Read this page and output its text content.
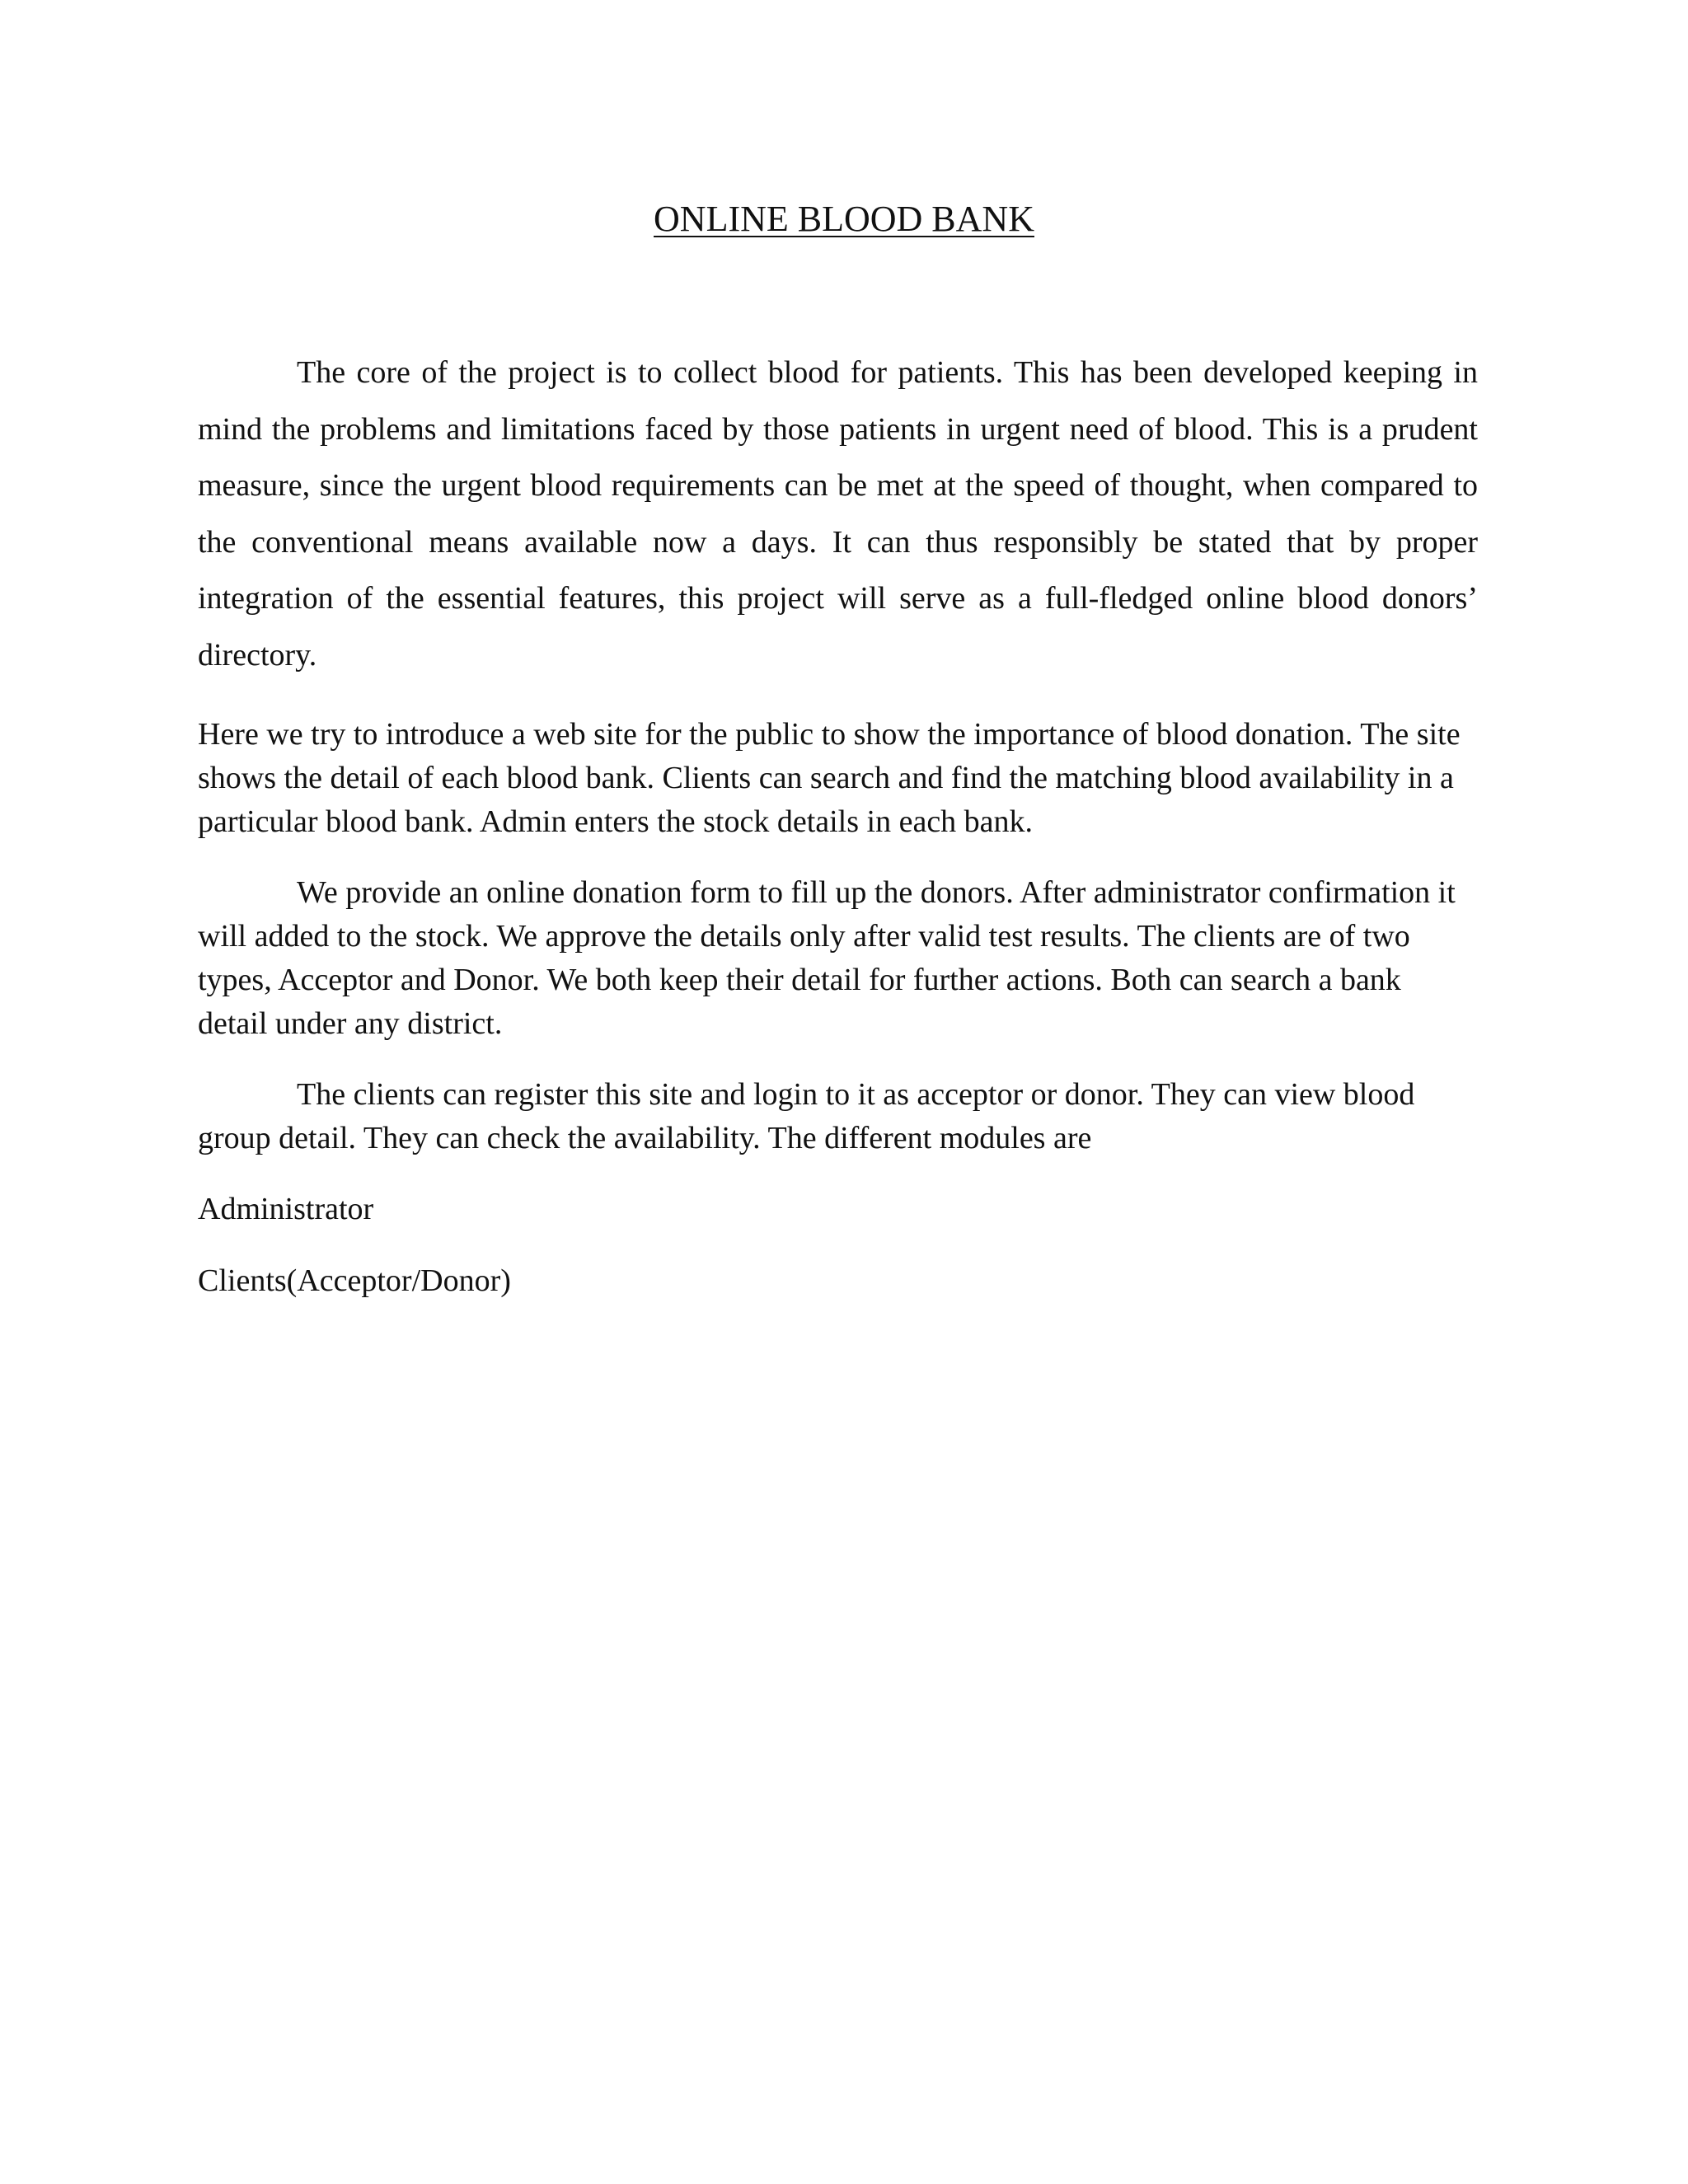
ONLINE BLOOD BANK

The core of the project is to collect blood for patients. This has been developed keeping in mind the problems and limitations faced by those patients in urgent need of blood. This is a prudent measure, since the urgent blood requirements can be met at the speed of thought, when compared to the conventional means available now a days. It can thus responsibly be stated that by proper integration of the essential features, this project will serve as a full-fledged online blood donors’ directory.

Here we try to introduce a web site for the public to show the importance of blood donation. The site shows the detail of each blood bank. Clients can search and find the matching blood availability in a particular blood bank. Admin enters the stock details in each bank.

We provide an online donation form to fill up the donors. After administrator confirmation it will added to the stock. We approve the details only after valid test results. The clients are of two types, Acceptor and Donor. We both keep their detail for further actions. Both can search a bank detail under any district.

The clients can register this site and login to it as acceptor or donor. They can view blood group detail. They can check the availability. The different modules are

Administrator

Clients(Acceptor/Donor)
